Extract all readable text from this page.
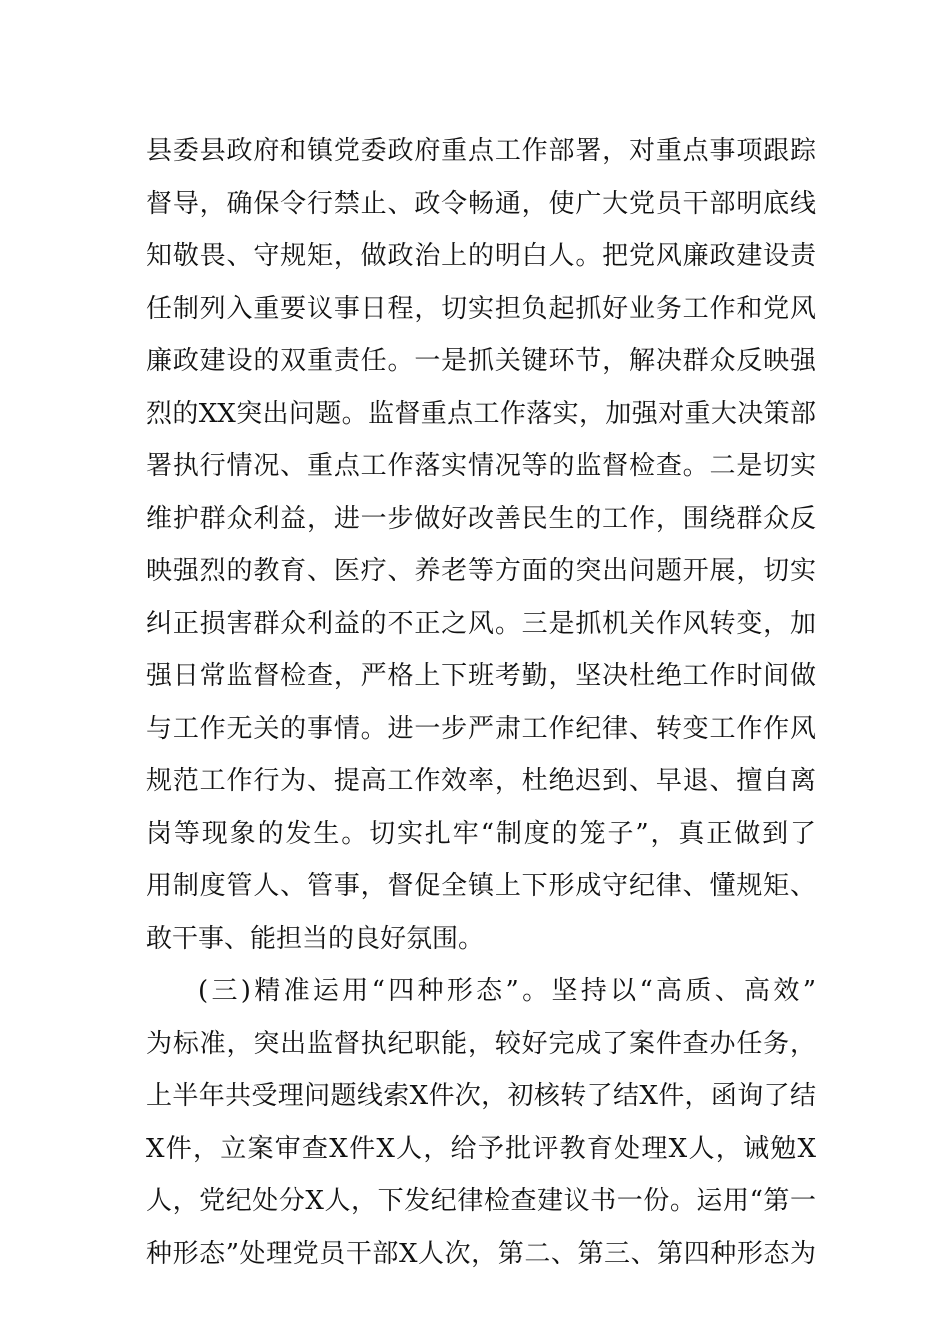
县委县政府和镇党委政府重点工作部署，对重点事项跟踪
督导，确保令行禁止、政令畅通，使广大党员干部明底线
知敬畏、守规矩，做政治上的明白人。把党风廉政建设责
任制列入重要议事日程，切实担负起抓好业务工作和党风
廉政建设的双重责任。一是抓关键环节，解决群众反映强
烈的XX突出问题。监督重点工作落实，加强对重大决策部
署执行情况、重点工作落实情况等的监督检查。二是切实
维护群众利益，进一步做好改善民生的工作，围绕群众反
映强烈的教育、医疗、养老等方面的突出问题开展，切实
纠正损害群众利益的不正之风。三是抓机关作风转变，加
强日常监督检查，严格上下班考勤，坚决杜绝工作时间做
与工作无关的事情。进一步严肃工作纪律、转变工作作风
规范工作行为、提高工作效率，杜绝迟到、早退、擅自离
岗等现象的发生。切实扎牢“制度的笼子”，真正做到了
用制度管人、管事，督促全镇上下形成守纪律、懂规矩、
敢干事、能担当的良好氛围。
(三)精准运用“四种形态”。坚持以“高质、高效”
为标准，突出监督执纪职能，较好完成了案件查办任务，
上半年共受理问题线索X件次，初核转了结X件，函询了结
X件，立案审查X件X人，给予批评教育处理X人，诫勉X
人，党纪处分X人，下发纪律检查建议书一份。运用“第一
种形态”处理党员干部X人次，第二、第三、第四种形态为
